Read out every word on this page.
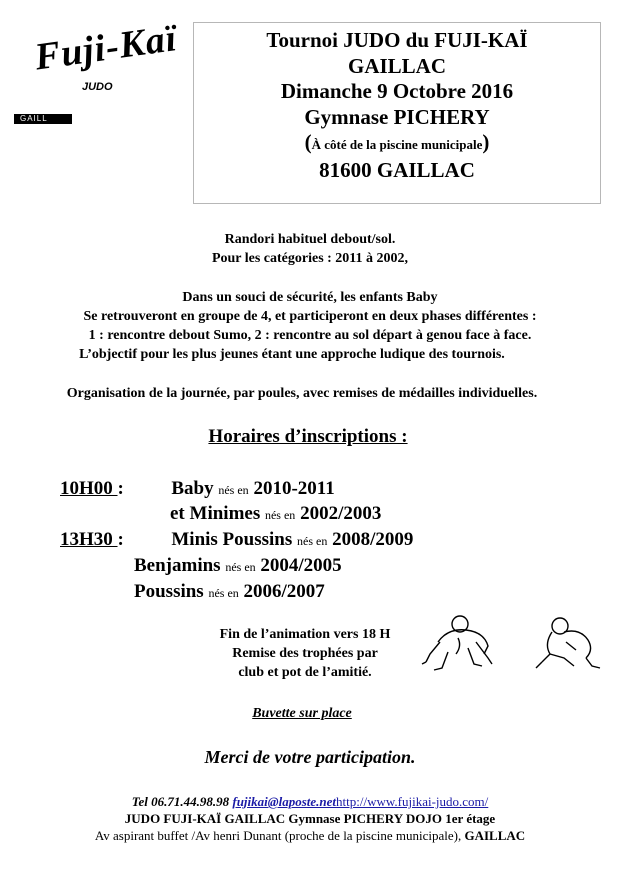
Fuji-Kaï
JUDO
GAILL
Tournoi JUDO du FUJI-KAÏ
GAILLAC
Dimanche 9 Octobre 2016
Gymnase PICHERY
(À côté de la piscine municipale)
81600 GAILLAC
Randori habituel debout/sol.
Pour les catégories : 2011 à 2002,
Dans un souci de sécurité, les enfants Baby
Se retrouveront en groupe de 4, et participeront en deux phases différentes :
1 : rencontre debout Sumo, 2 : rencontre au sol départ à genou face à face.
L’objectif pour les plus jeunes étant une approche ludique des tournois.
Organisation de la journée, par poules, avec remises de médailles individuelles.
Horaires d’inscriptions :
10H00 :	Baby nés en 2010-2011
et Minimes nés en 2002/2003
13H30 :	Minis Poussins nés en 2008/2009
Benjamins nés en 2004/2005
Poussins nés en 2006/2007
Fin de l’animation vers 18 H
Remise des trophées par
club et pot de l’amitié.
Buvette sur place
Merci de votre participation.
Tel 06.71.44.98.98 fujikai@laposte.nethttp://www.fujikai-judo.com/
JUDO FUJI-KAÏ GAILLAC Gymnase PICHERY DOJO 1er étage
Av aspirant buffet /Av henri Dunant (proche de la piscine municipale), GAILLAC
